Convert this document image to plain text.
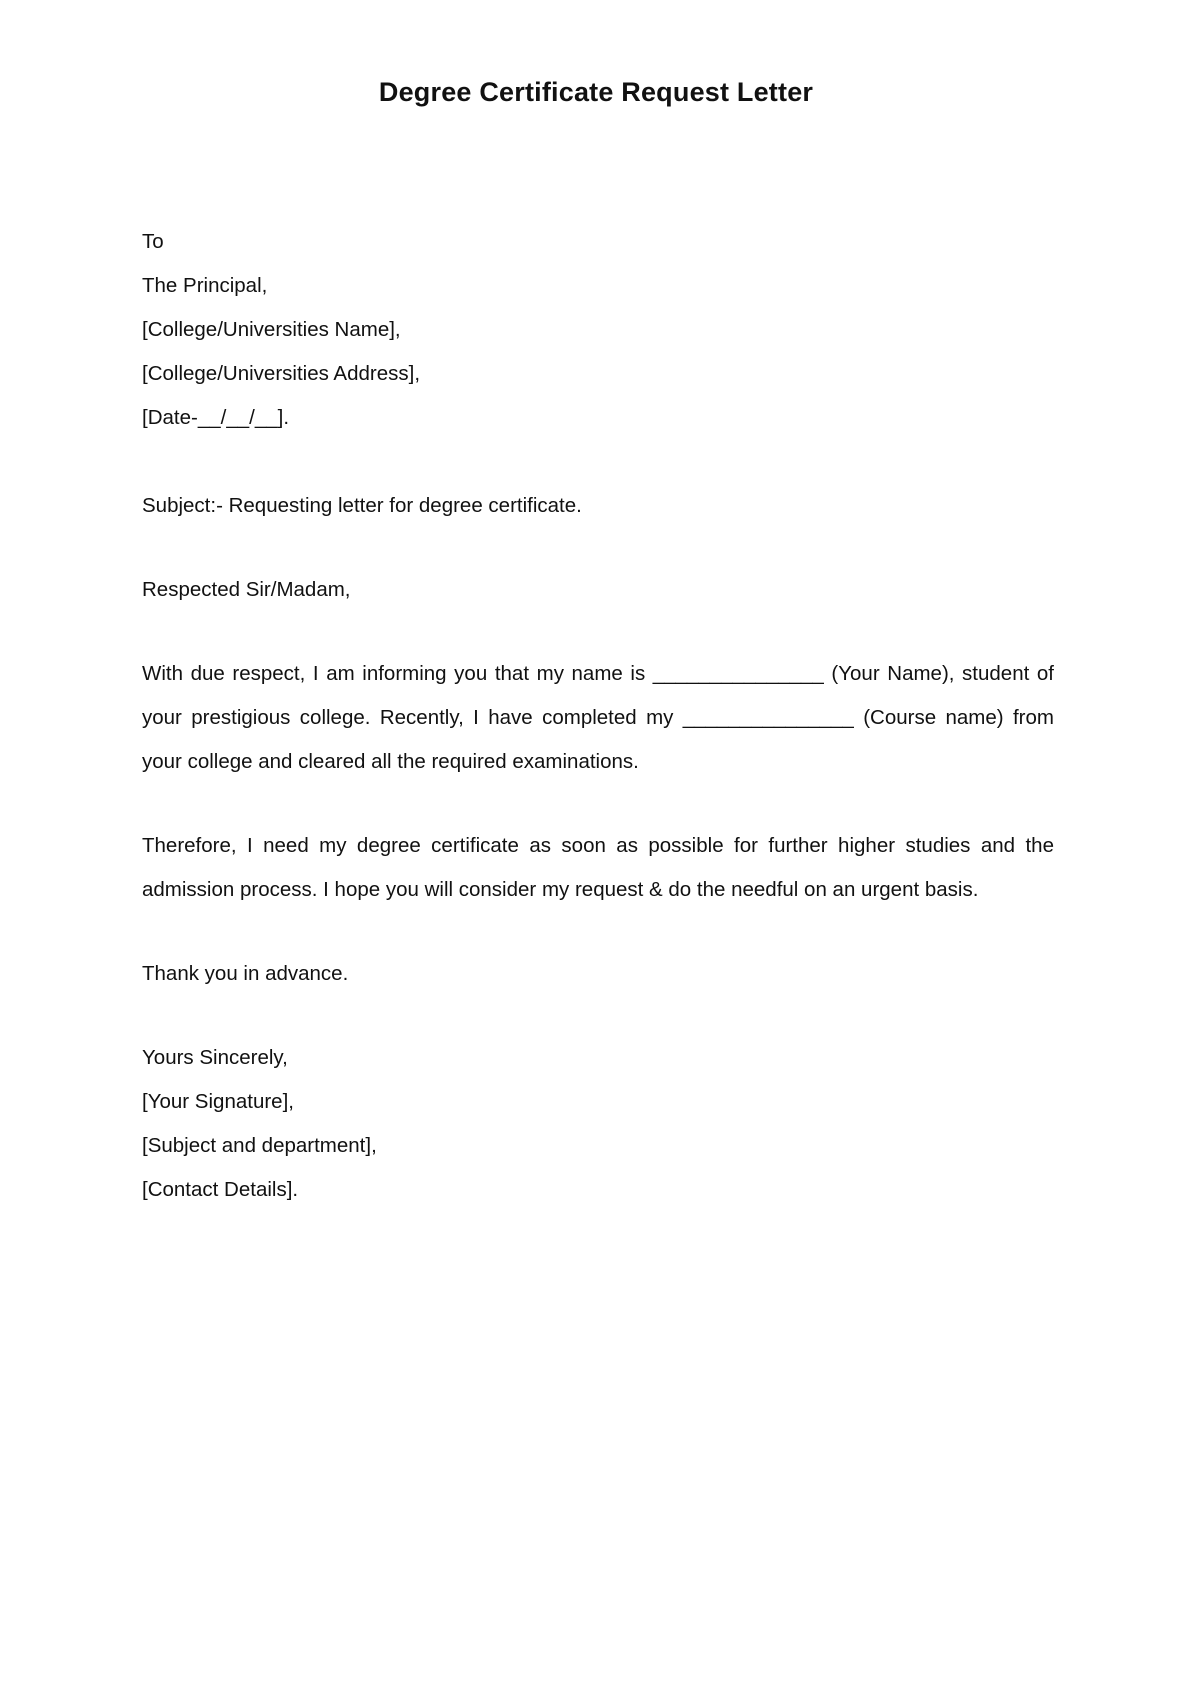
Degree Certificate Request Letter
To
The Principal,
[College/Universities Name],
[College/Universities Address],
[Date-__/__/__].
Subject:- Requesting letter for degree certificate.
Respected Sir/Madam,
With due respect, I am informing you that my name is _______________ (Your Name), student of your prestigious college. Recently, I have completed my _______________ (Course name) from your college and cleared all the required examinations.
Therefore, I need my degree certificate as soon as possible for further higher studies and the admission process. I hope you will consider my request & do the needful on an urgent basis.
Thank you in advance.
Yours Sincerely,
[Your Signature],
[Subject and department],
[Contact Details].
